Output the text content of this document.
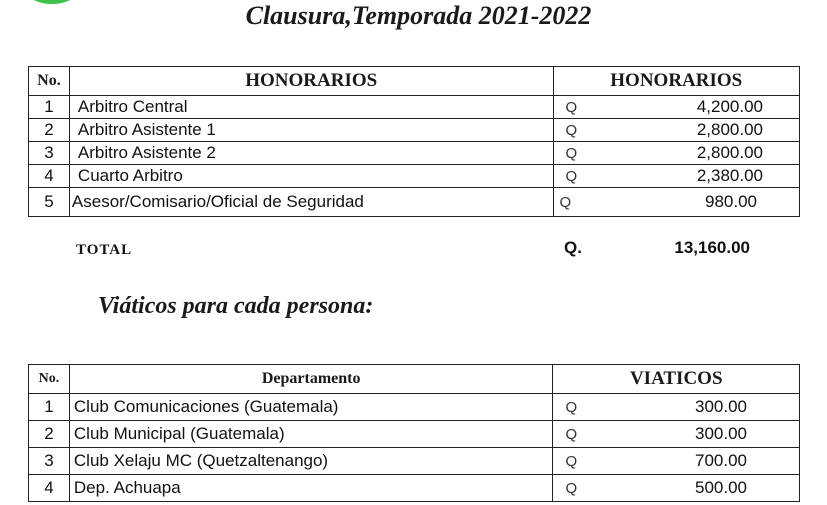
Clausura,Temporada 2021-2022
No.	HONORARIOS	HONORARIOS	
1	Arbitro Central	Q	4,200.00
2	Arbitro Asistente 1	Q	2,800.00
3	Arbitro Asistente 2	Q	2,800.00
4	Cuarto Arbitro	Q	2,380.00
5	Asesor/Comisario/Oficial de Seguridad	Q	980.00
TOTAL	Q.	13,160.00
Viáticos para cada persona:
No.	Departamento	VIATICOS	
1	Club Comunicaciones (Guatemala)	Q	300.00
2	Club Municipal (Guatemala)	Q	300.00
3	Club Xelaju MC (Quetzaltenango)	Q	700.00
4	Dep. Achuapa	Q	500.00
